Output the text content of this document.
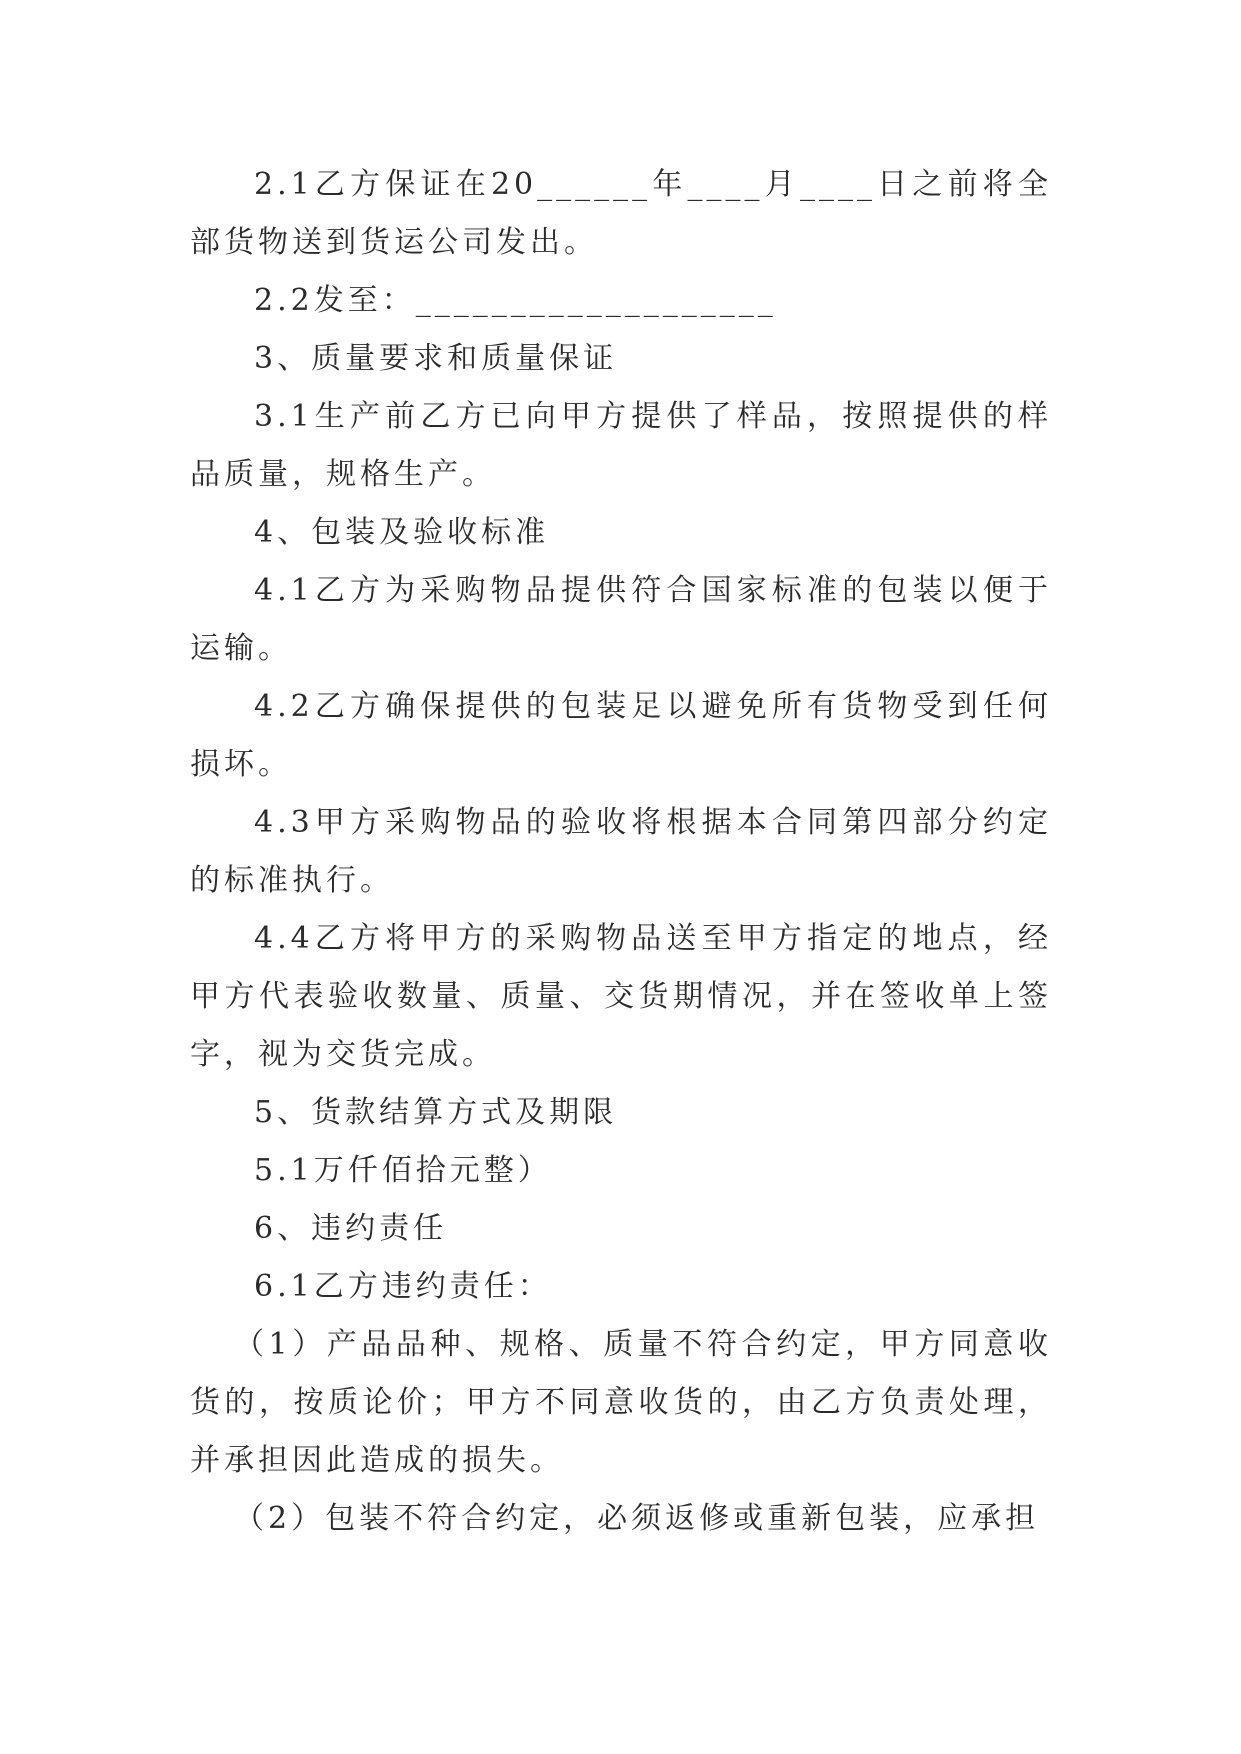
2.1乙方保证在20______年____月____日之前将全部货物送到货运公司发出。

2.2发至：___________________

3、质量要求和质量保证

3.1生产前乙方已向甲方提供了样品，按照提供的样品质量，规格生产。

4、包装及验收标准

4.1乙方为采购物品提供符合国家标准的包装以便于运输。

4.2乙方确保提供的包装足以避免所有货物受到任何损坏。

4.3甲方采购物品的验收将根据本合同第四部分约定的标准执行。

4.4乙方将甲方的采购物品送至甲方指定的地点，经甲方代表验收数量、质量、交货期情况，并在签收单上签字，视为交货完成。

5、货款结算方式及期限

5.1万仟佰拾元整）

6、违约责任

6.1乙方违约责任：

（1）产品品种、规格、质量不符合约定，甲方同意收货的，按质论价；甲方不同意收货的，由乙方负责处理，并承担因此造成的损失。

（2）包装不符合约定，必须返修或重新包装，应承担
